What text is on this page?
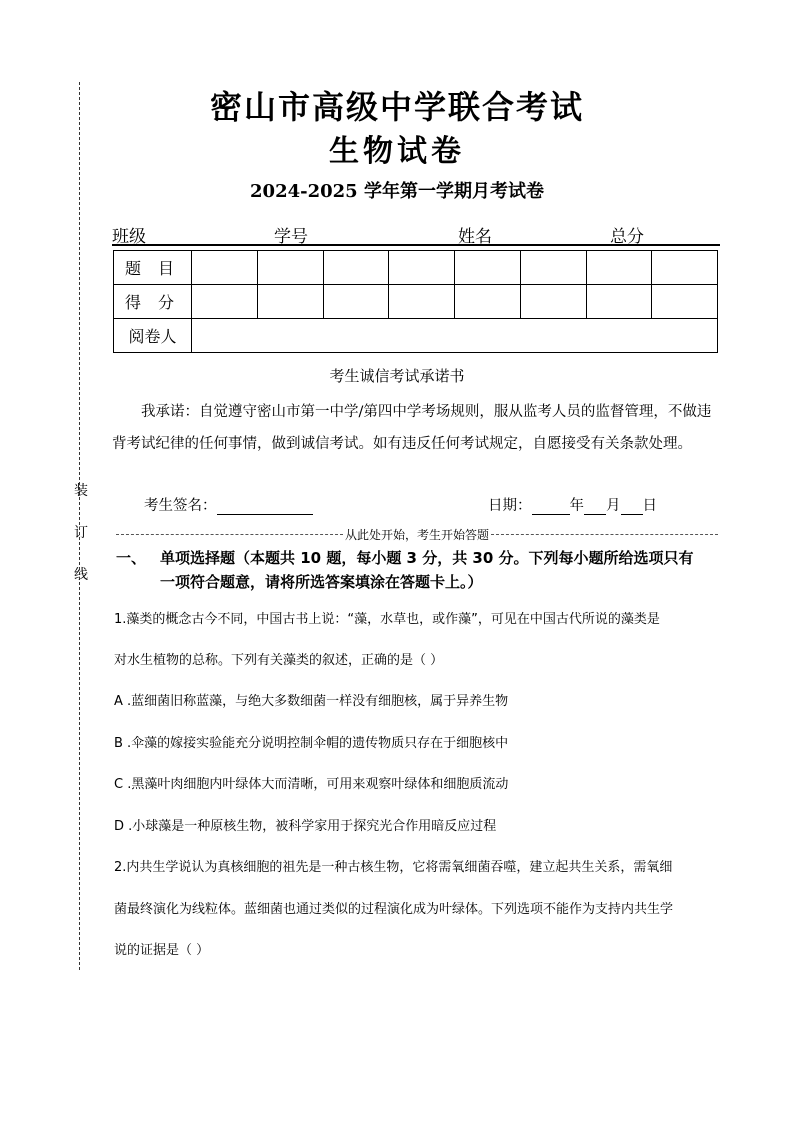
装
订
线
密山市高级中学联合考试
生物试卷
2024-2025 学年第一学期月考试卷
班级	学号	姓名	总分
题 目								
得 分								
阅卷人								
考生诚信考试承诺书
我承诺：自觉遵守密山市第一中学/第四中学考场规则，服从监考人员的监督管理，不做违背考试纪律的任何事情，做到诚信考试。如有违反任何考试规定，自愿接受有关条款处理。
考生签名：	日期：	年 月 日
从此处开始，考生开始答题
一、 单项选择题（本题共 10 题，每小题 3 分，共 30 分。下列每小题所给选项只有
一项符合题意，请将所选答案填涂在答题卡上。）
1.藻类的概念古今不同，中国古书上说：“藻，水草也，或作藻”，可见在中国古代所说的藻类是
对水生植物的总称。下列有关藻类的叙述，正确的是（ ）
A .蓝细菌旧称蓝藻，与绝大多数细菌一样没有细胞核，属于异养生物
B .伞藻的嫁接实验能充分说明控制伞帽的遗传物质只存在于细胞核中
C .黑藻叶肉细胞内叶绿体大而清晰，可用来观察叶绿体和细胞质流动
D .小球藻是一种原核生物，被科学家用于探究光合作用暗反应过程
2.内共生学说认为真核细胞的祖先是一种古核生物，它将需氧细菌吞噬，建立起共生关系，需氧细
菌最终演化为线粒体。蓝细菌也通过类似的过程演化成为叶绿体。下列选项不能作为支持内共生学
说的证据是（ ）
